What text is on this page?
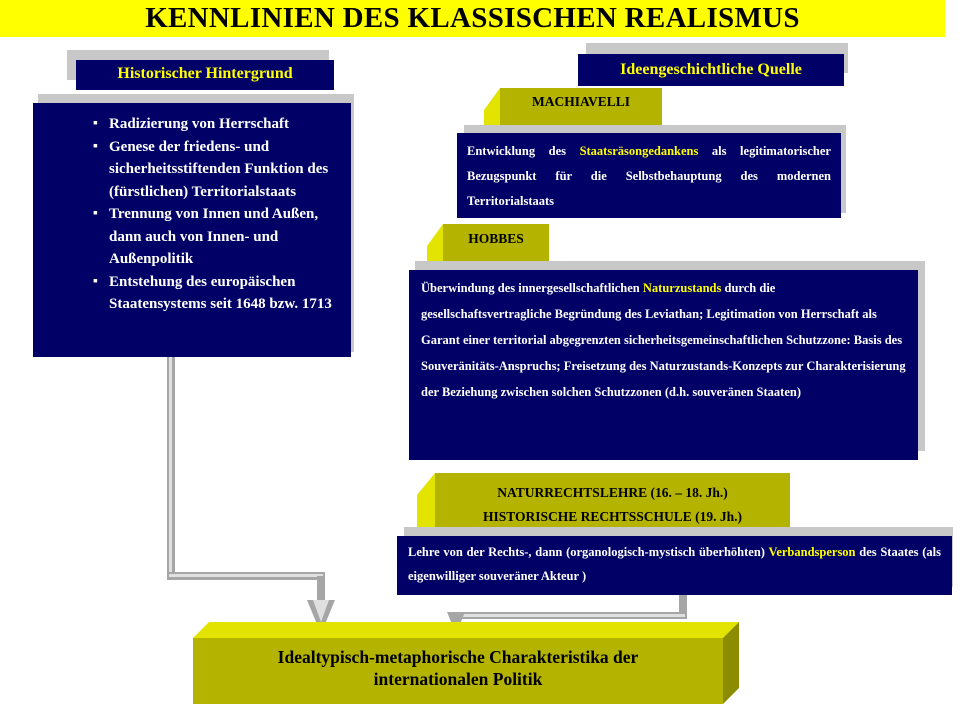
KENNLINIEN DES KLASSISCHEN REALISMUS
Historischer Hintergrund
▪ Radizierung von Herrschaft
▪ Genese der friedens- und sicherheitsstiftenden Funktion des (fürstlichen) Territorialstaats
▪ Trennung von Innen und Außen, dann auch von Innen- und Außenpolitik
▪ Entstehung des europäischen Staatensystems seit 1648 bzw. 1713
Ideengeschichtliche Quelle
MACHIAVELLI
Entwicklung des Staatsräsongedankens als legitimatorischer Bezugspunkt für die Selbstbehauptung des modernen Territorialstaats
HOBBES
Überwindung des innergesellschaftlichen Naturzustands durch die gesellschaftsvertragliche Begründung des Leviathan; Legitimation von Herrschaft als Garant einer territorial abgegrenzten sicherheitsgemeinschaftlichen Schutzzone: Basis des Souveränitäts-Anspruchs; Freisetzung des Naturzustands-Konzepts zur Charakterisierung der Beziehung zwischen solchen Schutzzonen (d.h. souveränen Staaten)
NATURRECHTSLEHRE (16. – 18. Jh.)
HISTORISCHE RECHTSSCHULE (19. Jh.)
Lehre von der Rechts-, dann (organologisch-mystisch überhöhten) Verbandsperson des Staates (als eigenwilliger souveräner Akteur )
Idealtypisch-metaphorische Charakteristika der
internationalen Politik
